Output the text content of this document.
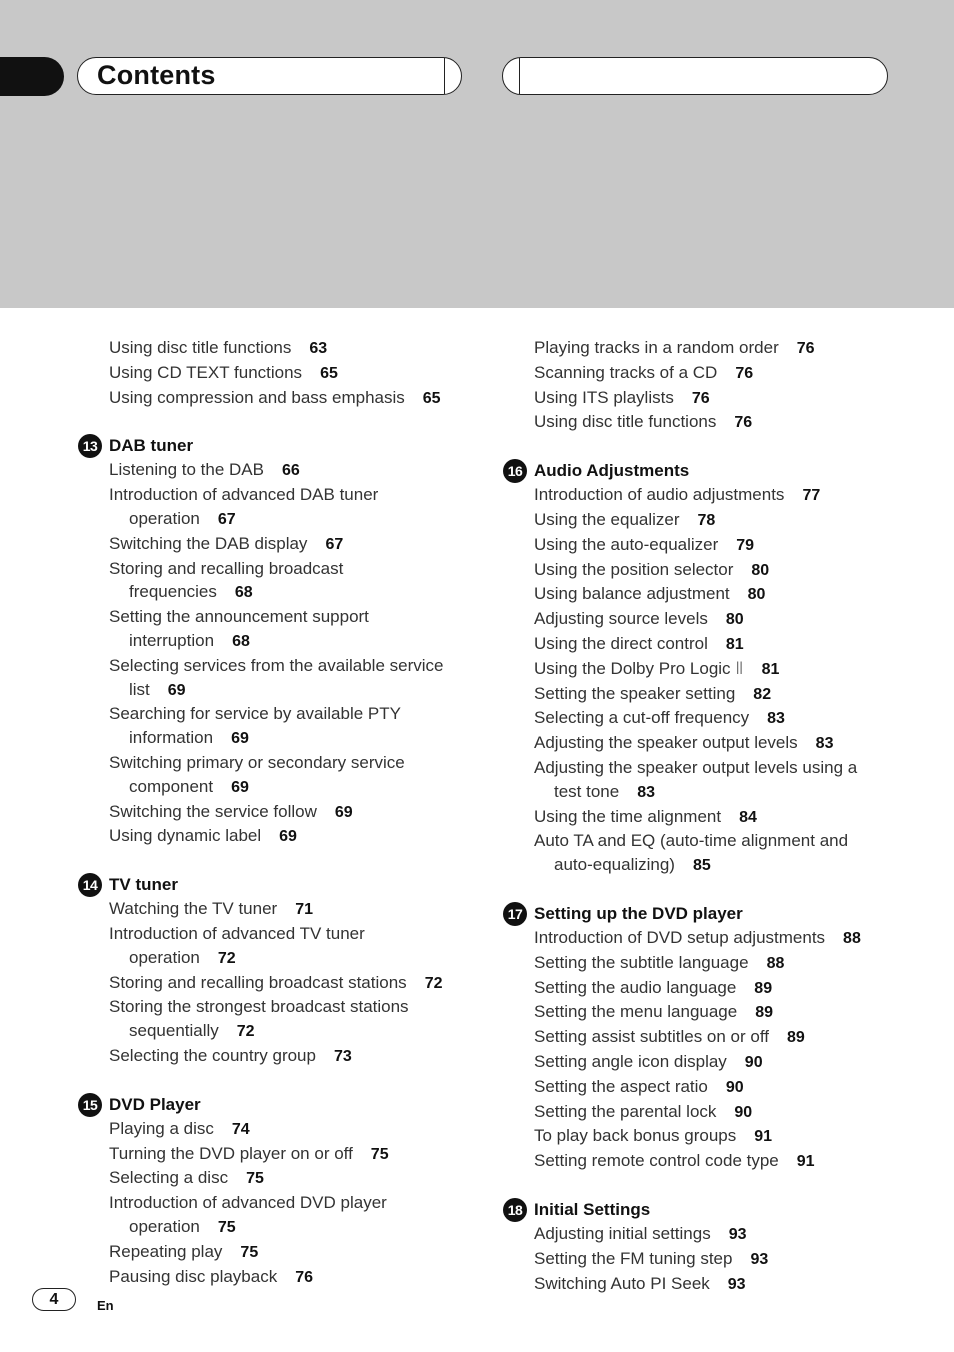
Contents
Using disc title functions 63
Using CD TEXT functions 65
Using compression and bass emphasis 65
13 DAB tuner
Listening to the DAB 66
Introduction of advanced DAB tuner
operation 67
Switching the DAB display 67
Storing and recalling broadcast
frequencies 68
Setting the announcement support
interruption 68
Selecting services from the available service
list 69
Searching for service by available PTY
information 69
Switching primary or secondary service
component 69
Switching the service follow 69
Using dynamic label 69
14 TV tuner
Watching the TV tuner 71
Introduction of advanced TV tuner
operation 72
Storing and recalling broadcast stations 72
Storing the strongest broadcast stations
sequentially 72
Selecting the country group 73
15 DVD Player
Playing a disc 74
Turning the DVD player on or off 75
Selecting a disc 75
Introduction of advanced DVD player
operation 75
Repeating play 75
Pausing disc playback 76
Playing tracks in a random order 76
Scanning tracks of a CD 76
Using ITS playlists 76
Using disc title functions 76
16 Audio Adjustments
Introduction of audio adjustments 77
Using the equalizer 78
Using the auto-equalizer 79
Using the position selector 80
Using balance adjustment 80
Adjusting source levels 80
Using the direct control 81
Using the Dolby Pro Logic Ⅱ 81
Setting the speaker setting 82
Selecting a cut-off frequency 83
Adjusting the speaker output levels 83
Adjusting the speaker output levels using a
test tone 83
Using the time alignment 84
Auto TA and EQ (auto-time alignment and
auto-equalizing) 85
17 Setting up the DVD player
Introduction of DVD setup adjustments 88
Setting the subtitle language 88
Setting the audio language 89
Setting the menu language 89
Setting assist subtitles on or off 89
Setting angle icon display 90
Setting the aspect ratio 90
Setting the parental lock 90
To play back bonus groups 91
Setting remote control code type 91
18 Initial Settings
Adjusting initial settings 93
Setting the FM tuning step 93
Switching Auto PI Seek 93
4	En
